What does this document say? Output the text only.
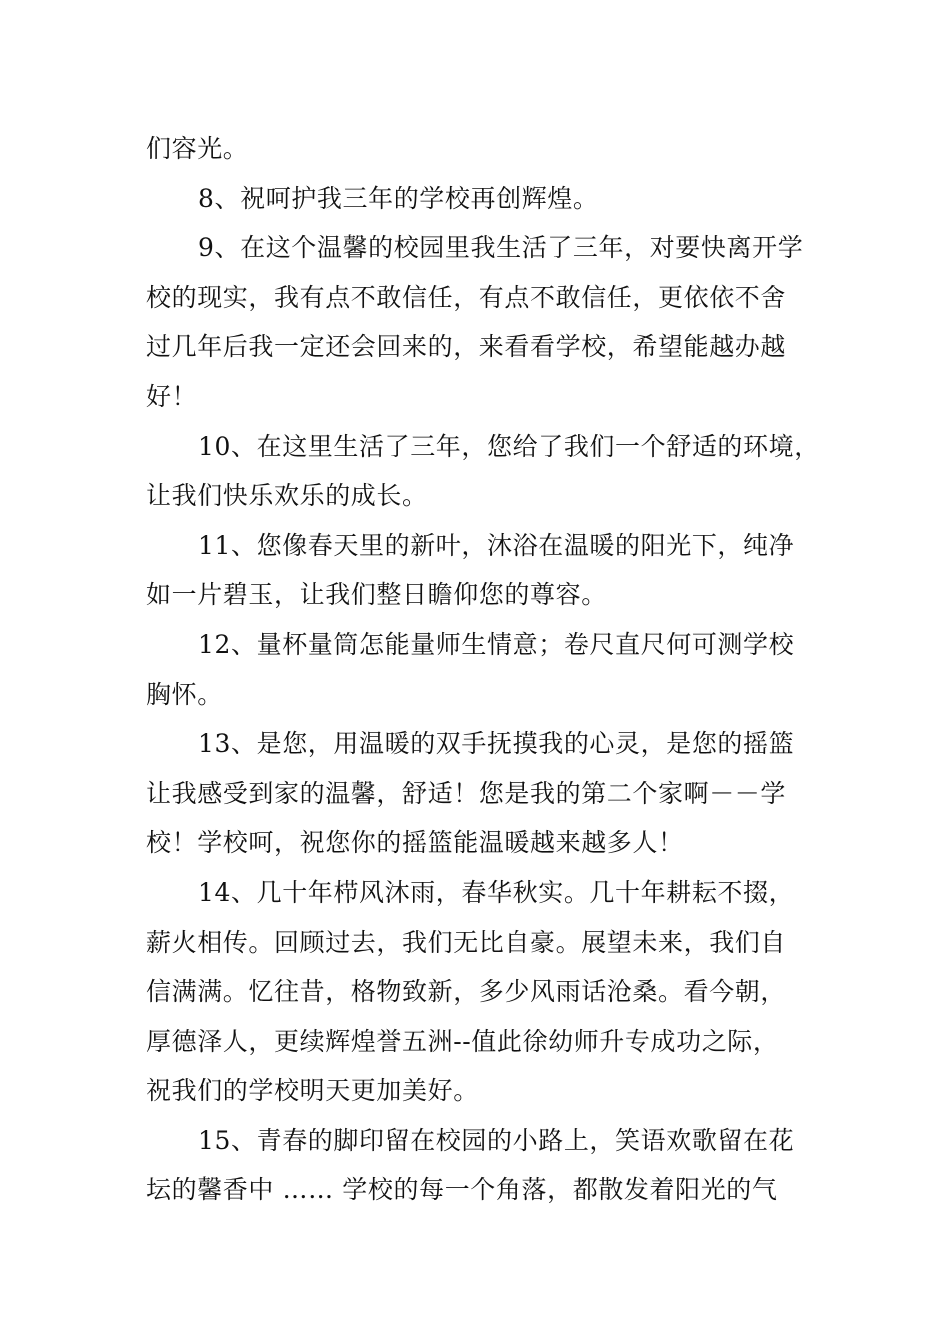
们容光。
8、祝呵护我三年的学校再创辉煌。
9、在这个温馨的校园里我生活了三年，对要快离开学
校的现实，我有点不敢信任，有点不敢信任，更依依不舍
过几年后我一定还会回来的，来看看学校，希望能越办越
好！
10、在这里生活了三年，您给了我们一个舒适的环境，
让我们快乐欢乐的成长。
11、您像春天里的新叶，沐浴在温暖的阳光下，纯净
如一片碧玉，让我们整日瞻仰您的尊容。
12、量杯量筒怎能量师生情意；卷尺直尺何可测学校
胸怀。
13、是您，用温暖的双手抚摸我的心灵，是您的摇篮
让我感受到家的温馨，舒适！您是我的第二个家啊－－学
校！学校呵，祝您你的摇篮能温暖越来越多人！
14、几十年栉风沐雨，春华秋实。几十年耕耘不掇，
薪火相传。回顾过去，我们无比自豪。展望未来，我们自
信满满。忆往昔，格物致新，多少风雨话沧桑。看今朝，
厚德泽人，更续辉煌誉五洲--值此徐幼师升专成功之际，
祝我们的学校明天更加美好。
15、青春的脚印留在校园的小路上，笑语欢歌留在花
坛的馨香中 …… 学校的每一个角落，都散发着阳光的气
